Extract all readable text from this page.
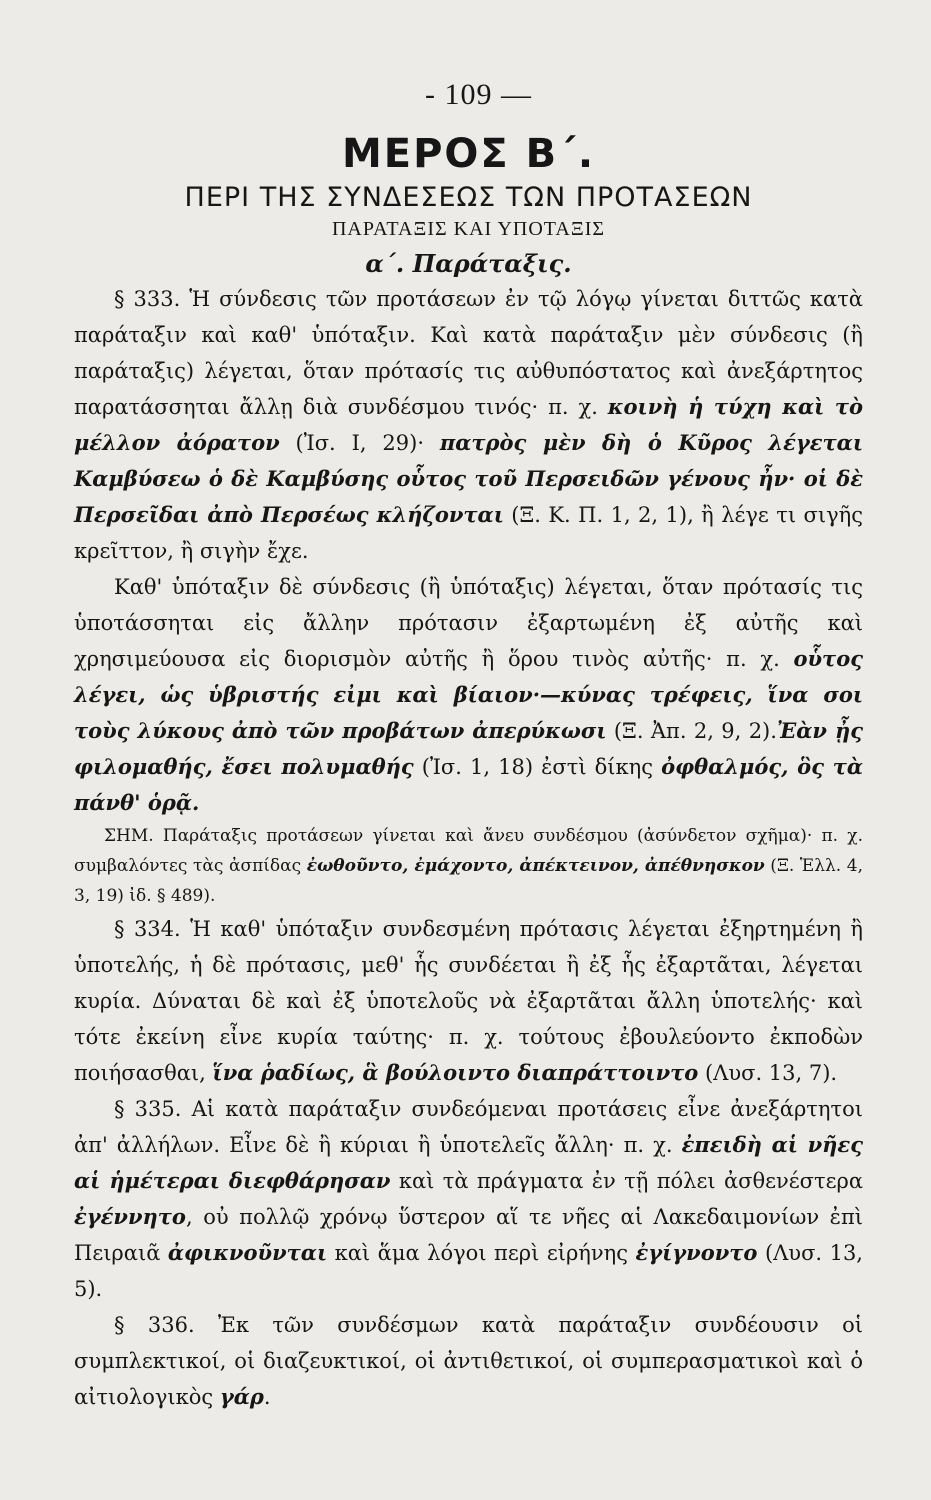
- 109 —
ΜΕΡΟΣ Β΄.
ΠΕΡΙ ΤΗΣ ΣΥΝΔΕΣΕΩΣ ΤΩΝ ΠΡΟΤΑΣΕΩΝ
ΠΑΡΑΤΑΞΙΣ ΚΑΙ ΥΠΟΤΑΞΙΣ
α΄. Παράταξις.

§ 333. Ἡ σύνδεσις τῶν προτάσεων ἐν τῷ λόγῳ γίνεται διττῶς κατὰ παράταξιν καὶ καθ' ὑπόταξιν. Καὶ κατὰ παράταξιν μὲν σύνδεσις (ἢ παράταξις) λέγεται, ὅταν πρότασίς τις αὐθυπόστατος καὶ ἀνεξάρτητος παρατάσσηται ἄλλῃ διὰ συνδέσμου τινός· π. χ. κοινὴ ἡ τύχη καὶ τὸ μέλλον ἀόρατον (Ἰσ. Ι, 29)· πατρὸς μὲν δὴ ὁ Κῦρος λέγεται Καμβύσεω ὁ δὲ Καμβύσης οὗτος τοῦ Περσειδῶν γένους ἦν· οἱ δὲ Περσεῖδαι ἀπὸ Περσέως κλήζονται (Ξ. Κ. Π. 1, 2, 1), ἢ λέγε τι σιγῆς κρεῖττον, ἢ σιγὴν ἔχε.

Καθ' ὑπόταξιν δὲ σύνδεσις (ἢ ὑπόταξις) λέγεται, ὅταν πρότασίς τις ὑποτάσσηται εἰς ἄλλην πρότασιν ἐξαρτωμένη ἐξ αὐτῆς καὶ χρησιμεύουσα εἰς διορισμὸν αὐτῆς ἢ ὅρου τινὸς αὐτῆς· π. χ. οὗτος λέγει, ὡς ὑβριστής εἰμι καὶ βίαιον·—κύνας τρέφεις, ἵνα σοι τοὺς λύκους ἀπὸ τῶν προβάτων ἀπερύκωσι (Ξ. Ἀπ. 2, 9, 2).Ἐὰν ᾖς φιλομαθής, ἔσει πολυμαθής (Ἰσ. 1, 18) ἐστὶ δίκης ὀφθαλμός, ὃς τὰ πάνθ' ὁρᾷ.

ΣΗΜ. Παράταξις προτάσεων γίνεται καὶ ἄνευ συνδέσμου (ἀσύνδετον σχῆμα)· π. χ. συμβαλόντες τὰς ἀσπίδας ἐωθοῦντο, ἐμάχοντο, ἀπέκτεινον, ἀπέθνησκον (Ξ. Ἑλλ. 4, 3, 19) ἰδ. § 489).

§ 334. Ἡ καθ' ὑπόταξιν συνδεσμένη πρότασις λέγεται ἐξηρτημένη ἢ ὑποτελής, ἡ δὲ πρότασις, μεθ' ἧς συνδέεται ἢ ἐξ ἧς ἐξαρτᾶται, λέγεται κυρία. Δύναται δὲ καὶ ἐξ ὑποτελοῦς νὰ ἐξαρτᾶται ἄλλη ὑποτελής· καὶ τότε ἐκείνη εἶνε κυρία ταύτης· π. χ. τούτους ἐβουλεύοντο ἐκποδὼν ποιήσασθαι, ἵνα ῥαδίως, ἃ βούλοιντο διαπράττοιντο (Λυσ. 13, 7).

§ 335. Αἱ κατὰ παράταξιν συνδεόμεναι προτάσεις εἶνε ἀνεξάρτητοι ἀπ' ἀλλήλων. Εἶνε δὲ ἢ κύριαι ἢ ὑποτελεῖς ἄλλη· π. χ. ἐπειδὴ αἱ νῆες αἱ ἡμέτεραι διεφθάρησαν καὶ τὰ πράγματα ἐν τῇ πόλει ἀσθενέστερα ἐγέννητο, οὐ πολλῷ χρόνῳ ὕστερον αἵ τε νῆες αἱ Λακεδαιμονίων ἐπὶ Πειραιᾶ ἀφικνοῦνται καὶ ἅμα λόγοι περὶ εἰρήνης ἐγίγνοντο (Λυσ. 13, 5).

§ 336. Ἐκ τῶν συνδέσμων κατὰ παράταξιν συνδέουσιν οἱ συμπλεκτικοί, οἱ διαζευκτικοί, οἱ ἀντιθετικοί, οἱ συμπερασματικοὶ καὶ ὁ αἰτιολογικὸς γάρ.
